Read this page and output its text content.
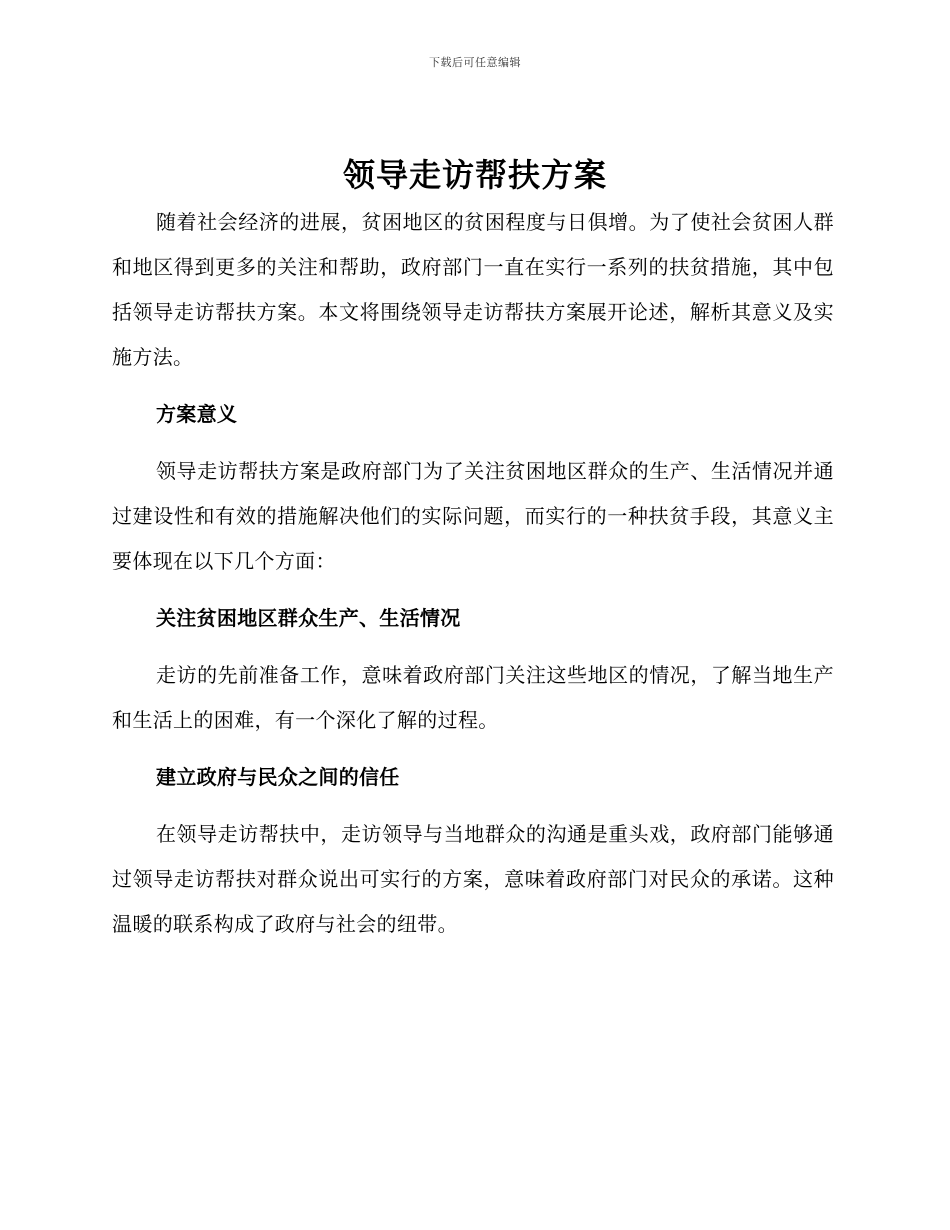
下载后可任意编辑
领导走访帮扶方案

随着社会经济的进展，贫困地区的贫困程度与日俱增。为了使社会贫困人群和地区得到更多的关注和帮助，政府部门一直在实行一系列的扶贫措施，其中包括领导走访帮扶方案。本文将围绕领导走访帮扶方案展开论述，解析其意义及实施方法。

方案意义

领导走访帮扶方案是政府部门为了关注贫困地区群众的生产、生活情况并通过建设性和有效的措施解决他们的实际问题，而实行的一种扶贫手段，其意义主要体现在以下几个方面：

关注贫困地区群众生产、生活情况

走访的先前准备工作，意味着政府部门关注这些地区的情况，了解当地生产和生活上的困难，有一个深化了解的过程。

建立政府与民众之间的信任

在领导走访帮扶中，走访领导与当地群众的沟通是重头戏，政府部门能够通过领导走访帮扶对群众说出可实行的方案，意味着政府部门对民众的承诺。这种温暖的联系构成了政府与社会的纽带。
